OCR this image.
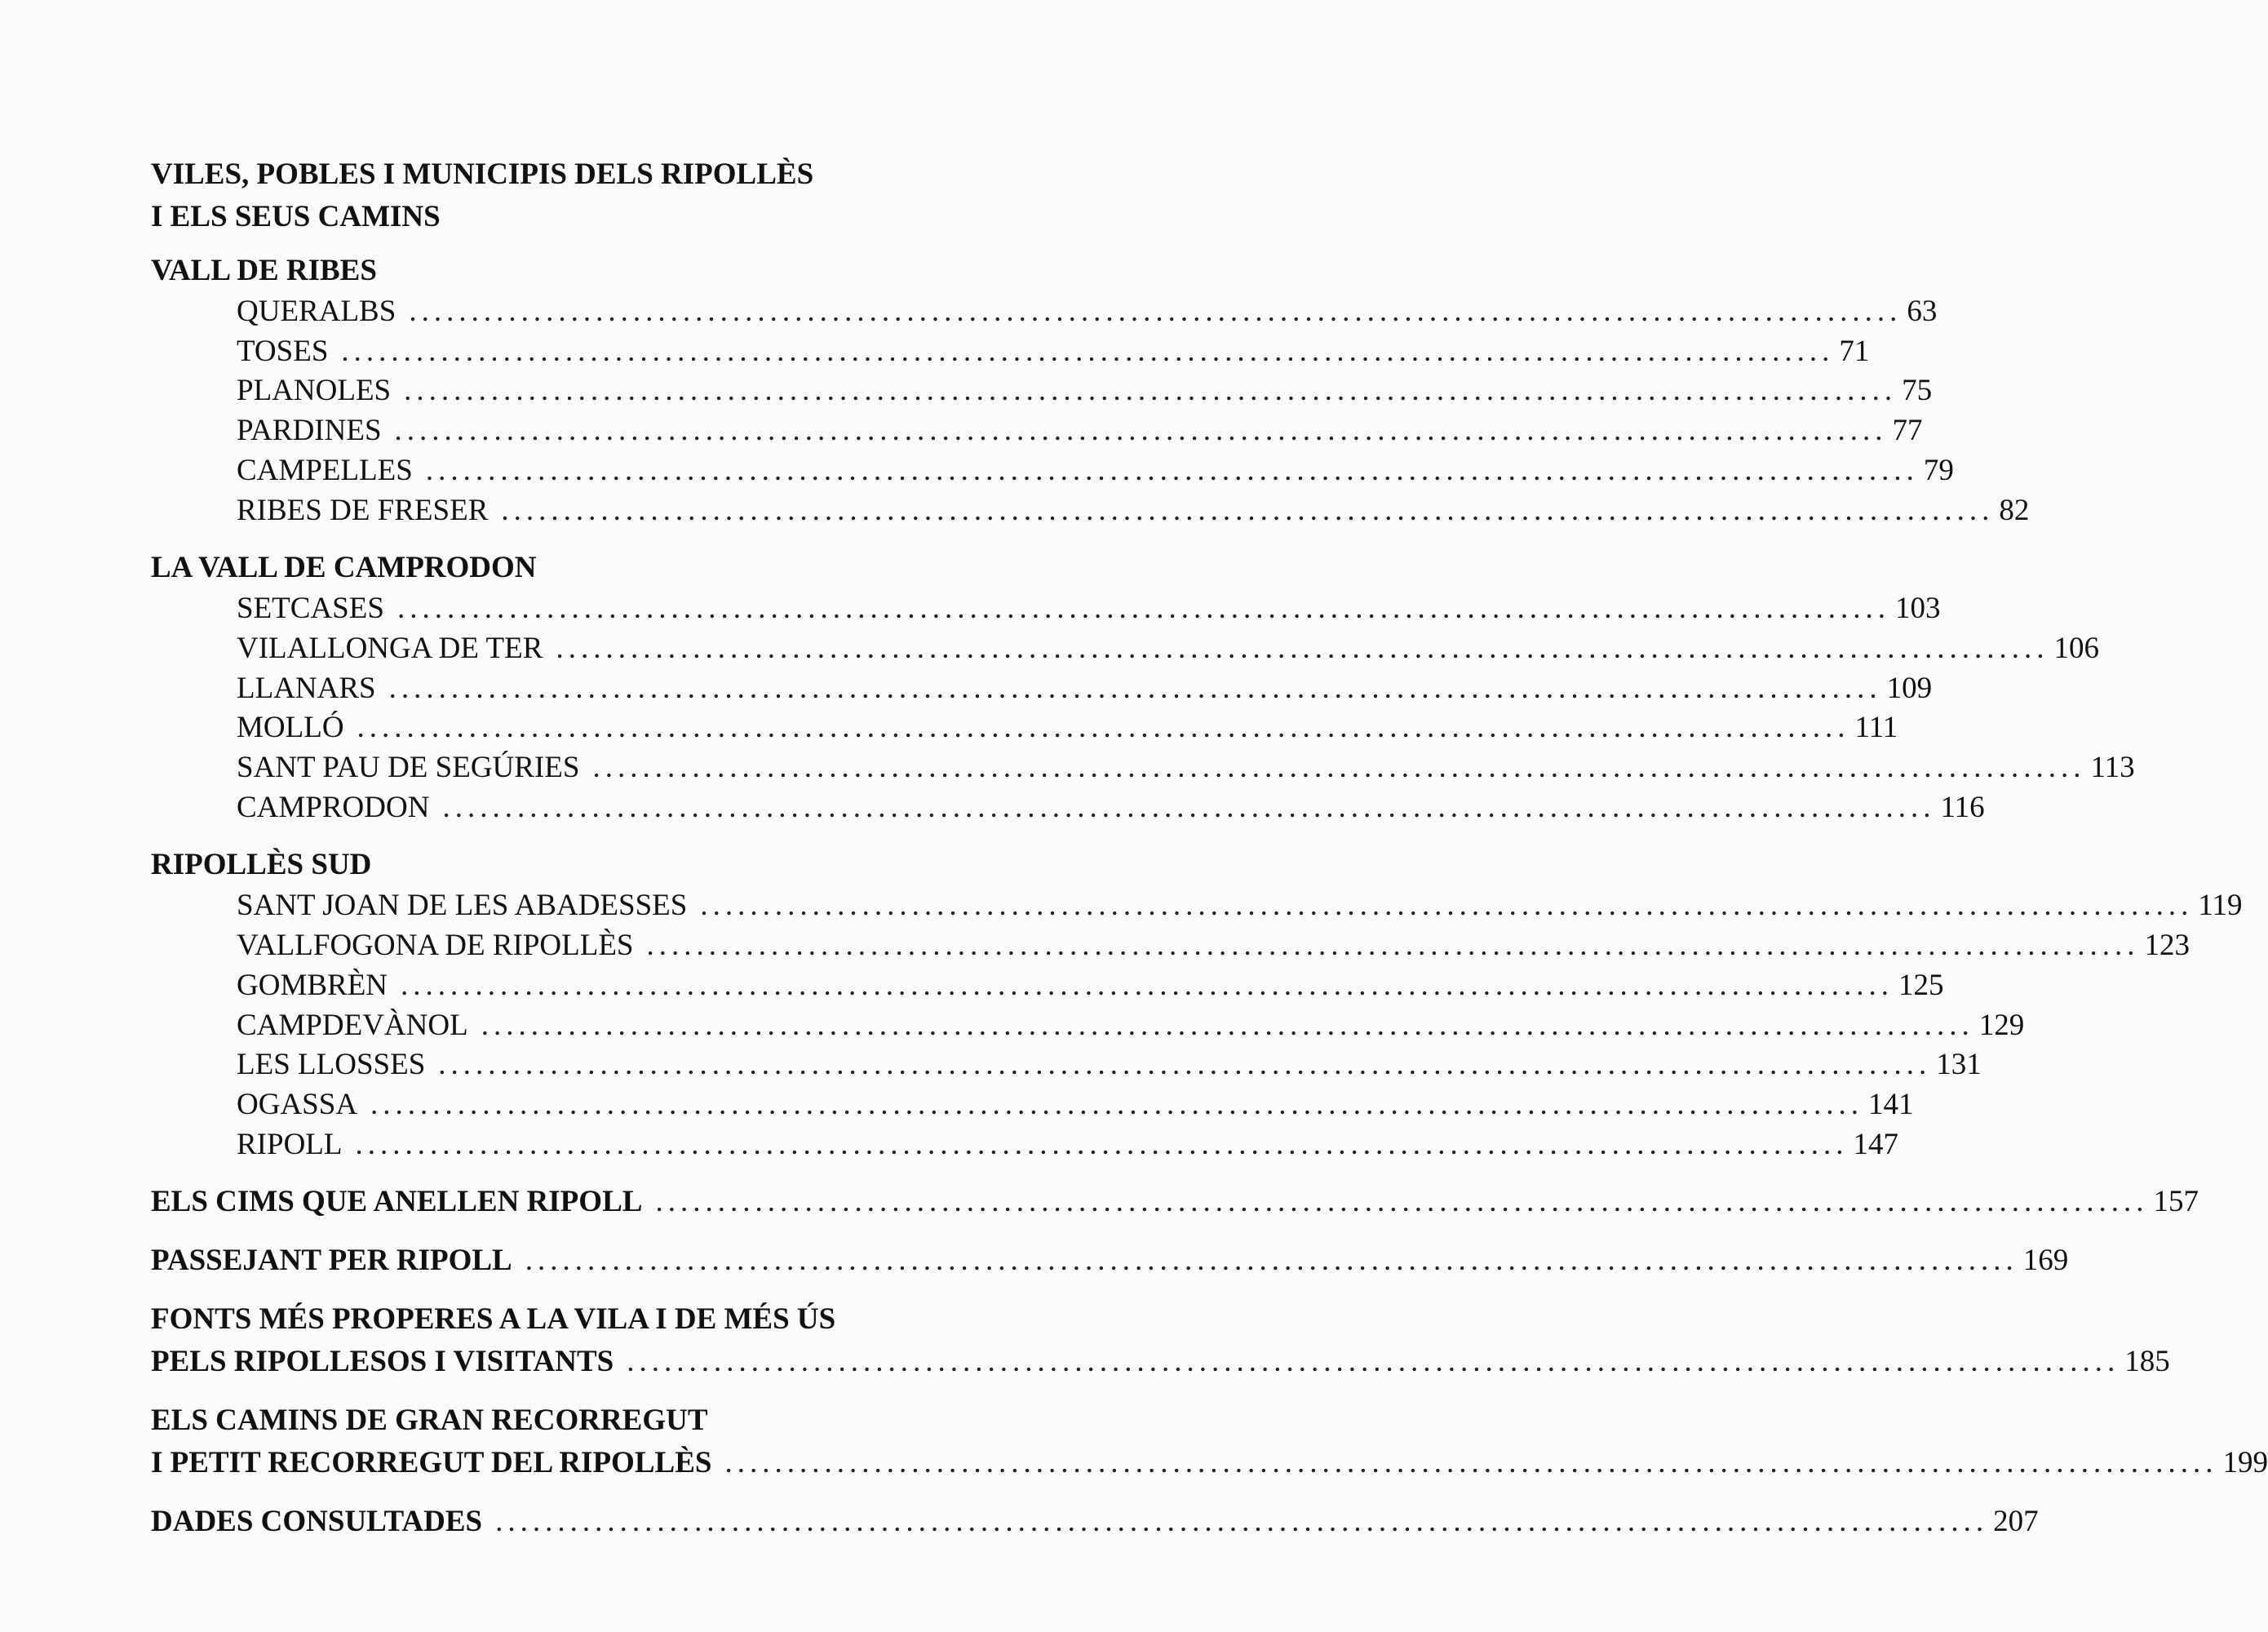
VILES, POBLES I MUNICIPIS DELS RIPOLLÈS
I ELS SEUS CAMINS
VALL DE RIBES
QUERALBS ........................................................................................................................ 63
TOSES ........................................................................................................................ 71
PLANOLES ........................................................................................................................ 75
PARDINES ........................................................................................................................ 77
CAMPELLES ........................................................................................................................ 79
RIBES DE FRESER ........................................................................................................................ 82
LA VALL DE CAMPRODON
SETCASES ........................................................................................................................ 103
VILALLONGA DE TER ........................................................................................................................ 106
LLANARS ........................................................................................................................ 109
MOLLÓ ........................................................................................................................ 111
SANT PAU DE SEGÚRIES ........................................................................................................................ 113
CAMPRODON ........................................................................................................................ 116
RIPOLLÈS SUD
SANT JOAN DE LES ABADESSES ........................................................................................................................ 119
VALLFOGONA DE RIPOLLÈS ........................................................................................................................ 123
GOMBRÈN ........................................................................................................................ 125
CAMPDEVÀNOL ........................................................................................................................ 129
LES LLOSSES ........................................................................................................................ 131
OGASSA ........................................................................................................................ 141
RIPOLL ........................................................................................................................ 147
ELS CIMS QUE ANELLEN RIPOLL ........................................................................................................................ 157
PASSEJANT PER RIPOLL ........................................................................................................................ 169
FONTS MÉS PROPERES A LA VILA I DE MÉS ÚS
PELS RIPOLLESOS I VISITANTS ........................................................................................................................ 185
ELS CAMINS DE GRAN RECORREGUT
I PETIT RECORREGUT DEL RIPOLLÈS ........................................................................................................................ 199
DADES CONSULTADES ........................................................................................................................ 207
